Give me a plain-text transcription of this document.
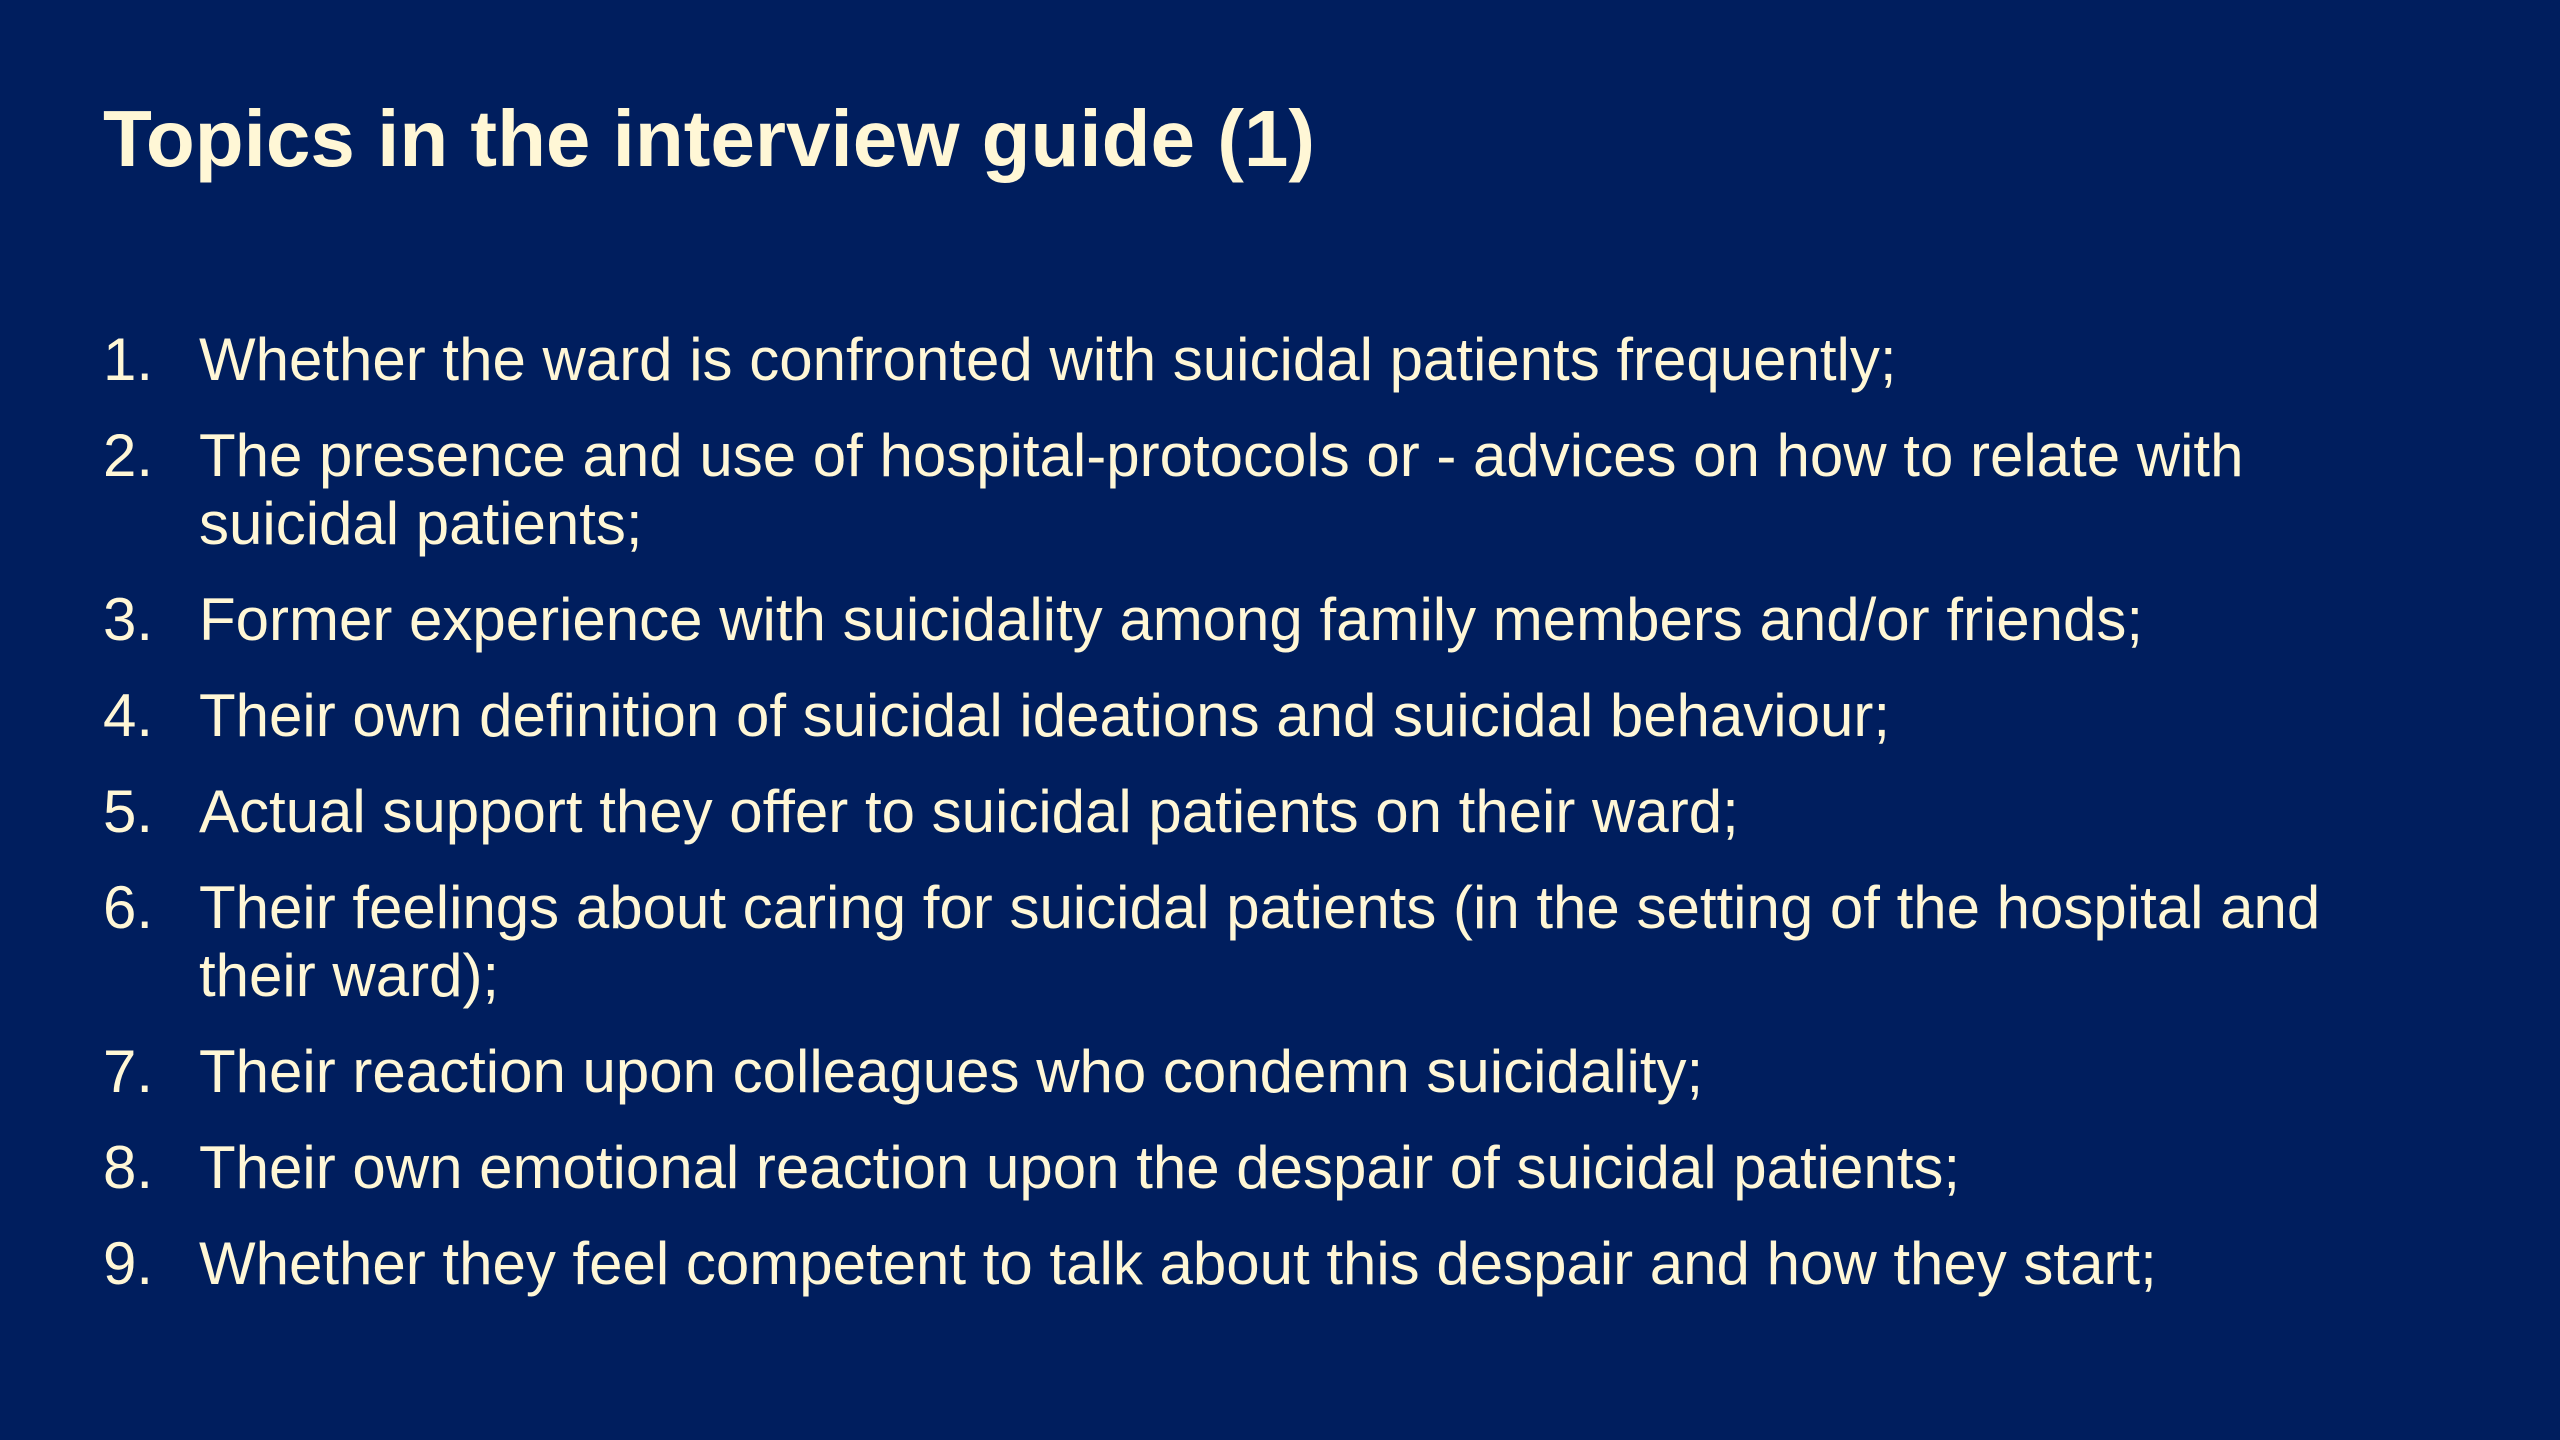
Topics in the interview guide (1)
1. Whether the ward is confronted with suicidal patients frequently;
2. The presence and use of hospital-protocols or - advices on how to relate with suicidal patients;
3. Former experience with suicidality among family members and/or friends;
4. Their own definition of suicidal ideations and suicidal behaviour;
5. Actual support they offer to suicidal patients on their ward;
6. Their feelings about caring for suicidal patients (in the setting of the hospital and their ward);
7. Their reaction upon colleagues who condemn suicidality;
8. Their own emotional reaction upon the despair of suicidal patients;
9. Whether they feel competent to talk about this despair and how they start;
